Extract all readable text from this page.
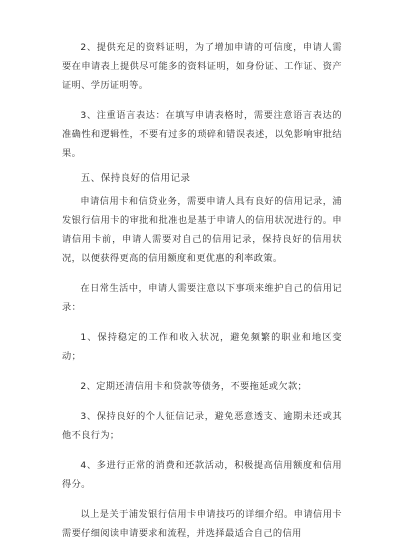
2、提供充足的资料证明，为了增加申请的可信度，申请人需要在申请表上提供尽可能多的资料证明，如身份证、工作证、资产证明、学历证明等。

3、注重语言表达：在填写申请表格时，需要注意语言表达的准确性和逻辑性，不要有过多的琐碎和错误表述，以免影响审批结果。

五、保持良好的信用记录

申请信用卡和信贷业务，需要申请人具有良好的信用记录，浦发银行信用卡的审批和批准也是基于申请人的信用状况进行的。申请信用卡前，申请人需要对自己的信用记录，保持良好的信用状况，以便获得更高的信用额度和更优惠的利率政策。

在日常生活中，申请人需要注意以下事项来维护自己的信用记录：

1、保持稳定的工作和收入状况，避免频繁的职业和地区变动；

2、定期还清信用卡和贷款等债务，不要拖延或欠款；

3、保持良好的个人征信记录，避免恶意透支、逾期未还或其他不良行为；

4、多进行正常的消费和还款活动，积极提高信用额度和信用得分。

以上是关于浦发银行信用卡申请技巧的详细介绍。申请信用卡需要仔细阅读申请要求和流程，并选择最适合自己的信用
